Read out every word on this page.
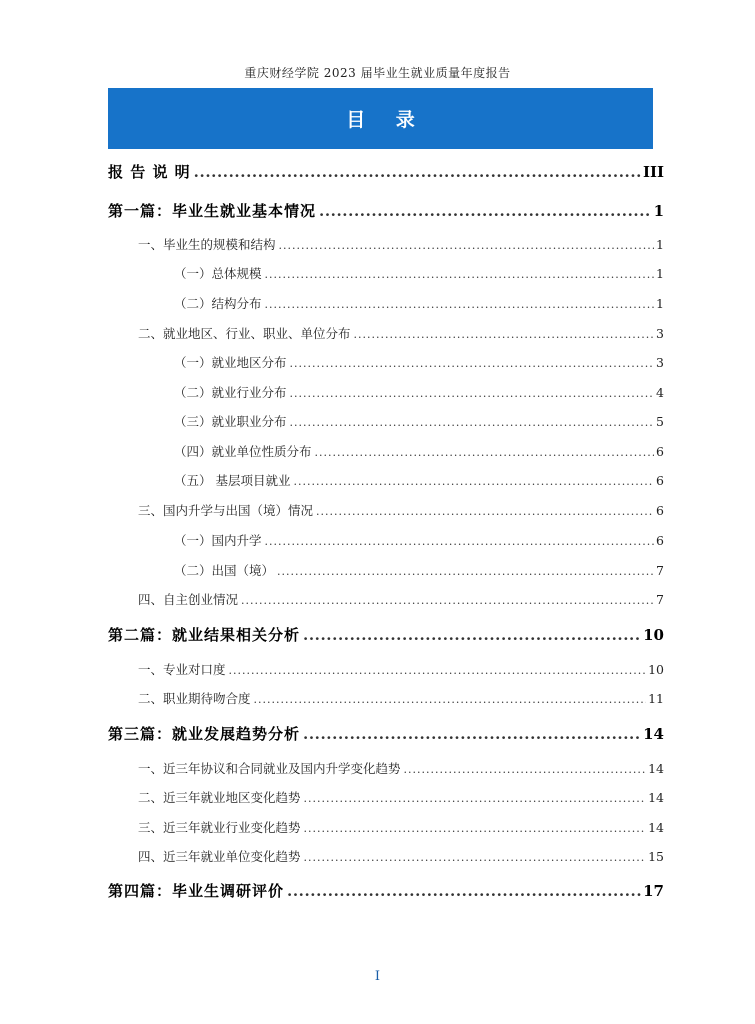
重庆财经学院 2023 届毕业生就业质量年度报告
目 录
报 告 说 明 .....	III
第一篇：毕业生就业基本情况 .....	1
一、毕业生的规模和结构 .....	1
（一）总体规模 .....	1
（二）结构分布 .....	1
二、就业地区、行业、职业、单位分布 .....	3
（一）就业地区分布 .....	3
（二）就业行业分布 .....	4
（三）就业职业分布 .....	5
（四）就业单位性质分布 .....	6
（五） 基层项目就业 .....	6
三、国内升学与出国（境）情况 .....	6
（一）国内升学 .....	6
（二）出国（境） .....	7
四、自主创业情况 .....	7
第二篇：就业结果相关分析 .....	10
一、专业对口度 .....	10
二、职业期待吻合度 .....	11
第三篇：就业发展趋势分析 .....	14
一、近三年协议和合同就业及国内升学变化趋势 .....	14
二、近三年就业地区变化趋势 .....	14
三、近三年就业行业变化趋势 .....	14
四、近三年就业单位变化趋势 .....	15
第四篇：毕业生调研评价 .....	17
I
